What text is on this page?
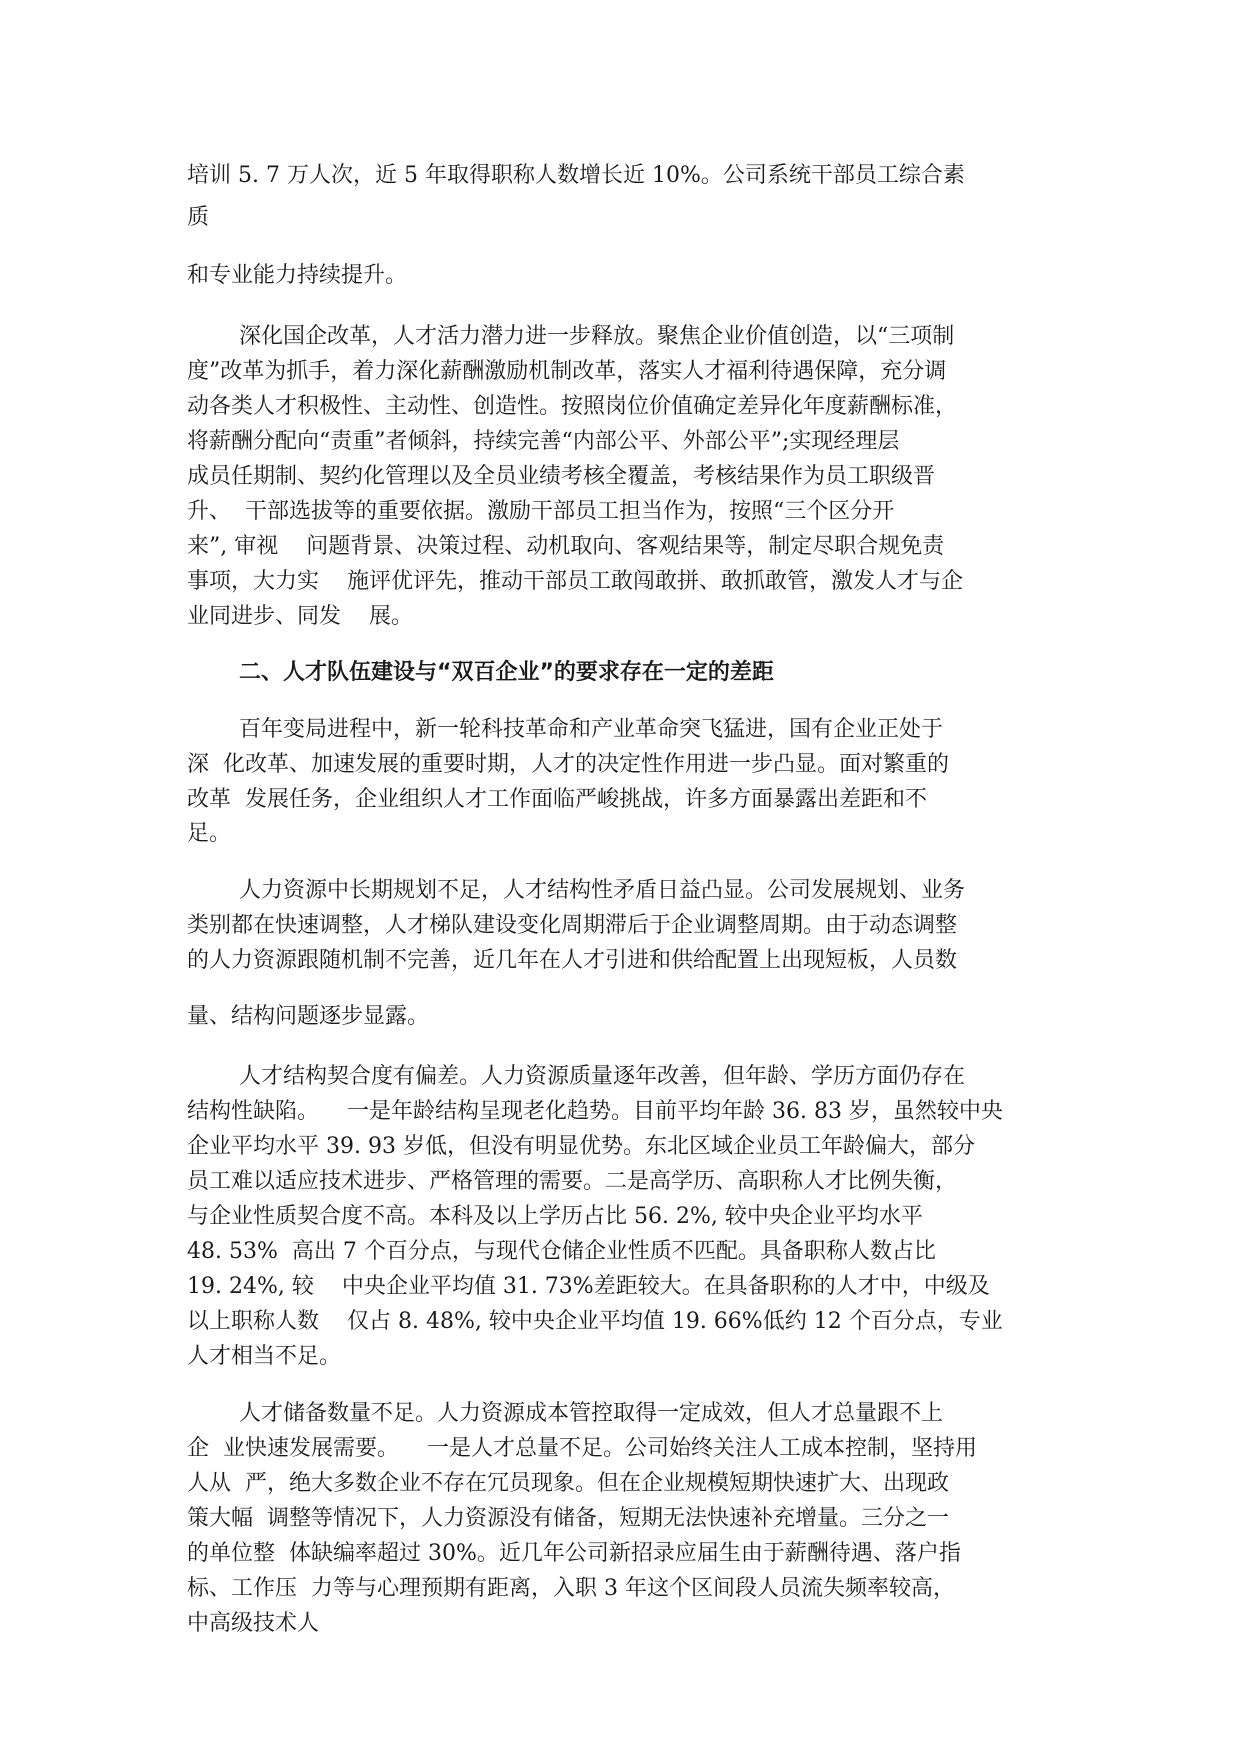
培训 5. 7 万人次，近 5 年取得职称人数增长近 10%。公司系统干部员工综合素
质
和专业能力持续提升。
深化国企改革，人才活力潜力进一步释放。聚焦企业价值创造，以“三项制
度”改革为抓手，着力深化薪酬激励机制改革，落实人才福利待遇保障，充分调
动各类人才积极性、主动性、创造性。按照岗位价值确定差异化年度薪酬标准，
将薪酬分配向“责重”者倾斜，持续完善“内部公平、外部公平”;实现经理层
成员任期制、契约化管理以及全员业绩考核全覆盖，考核结果作为员工职级晋
升、  干部选拔等的重要依据。激励干部员工担当作为，按照“三个区分开
来”, 审视    问题背景、决策过程、动机取向、客观结果等，制定尽职合规免责
事项，大力实    施评优评先，推动干部员工敢闯敢拼、敢抓敢管，激发人才与企
业同进步、同发    展。
二、人才队伍建设与“双百企业”的要求存在一定的差距
百年变局进程中，新一轮科技革命和产业革命突飞猛进，国有企业正处于
深  化改革、加速发展的重要时期，人才的决定性作用进一步凸显。面对繁重的
改革  发展任务，企业组织人才工作面临严峻挑战，许多方面暴露出差距和不
足。
人力资源中长期规划不足，人才结构性矛盾日益凸显。公司发展规划、业务
类别都在快速调整，人才梯队建设变化周期滞后于企业调整周期。由于动态调整
的人力资源跟随机制不完善，近几年在人才引进和供给配置上出现短板，人员数
量、结构问题逐步显露。
人才结构契合度有偏差。人力资源质量逐年改善，但年龄、学历方面仍存在
结构性缺陷。    一是年龄结构呈现老化趋势。目前平均年龄 36. 83 岁，虽然较中央
企业平均水平 39. 93 岁低，但没有明显优势。东北区域企业员工年龄偏大，部分
员工难以适应技术进步、严格管理的需要。二是高学历、高职称人才比例失衡，
与企业性质契合度不高。本科及以上学历占比 56. 2%, 较中央企业平均水平
48. 53%  高出 7 个百分点，与现代仓储企业性质不匹配。具备职称人数占比
19. 24%, 较    中央企业平均值 31. 73%差距较大。在具备职称的人才中，中级及
以上职称人数    仅占 8. 48%, 较中央企业平均值 19. 66%低约 12 个百分点，专业
人才相当不足。
人才储备数量不足。人力资源成本管控取得一定成效，但人才总量跟不上
企  业快速发展需要。    一是人才总量不足。公司始终关注人工成本控制，坚持用
人从  严，绝大多数企业不存在冗员现象。但在企业规模短期快速扩大、出现政
策大幅  调整等情况下，人力资源没有储备，短期无法快速补充增量。三分之一
的单位整  体缺编率超过 30%。近几年公司新招录应届生由于薪酬待遇、落户指
标、工作压  力等与心理预期有距离，入职 3 年这个区间段人员流失频率较高，
中高级技术人
